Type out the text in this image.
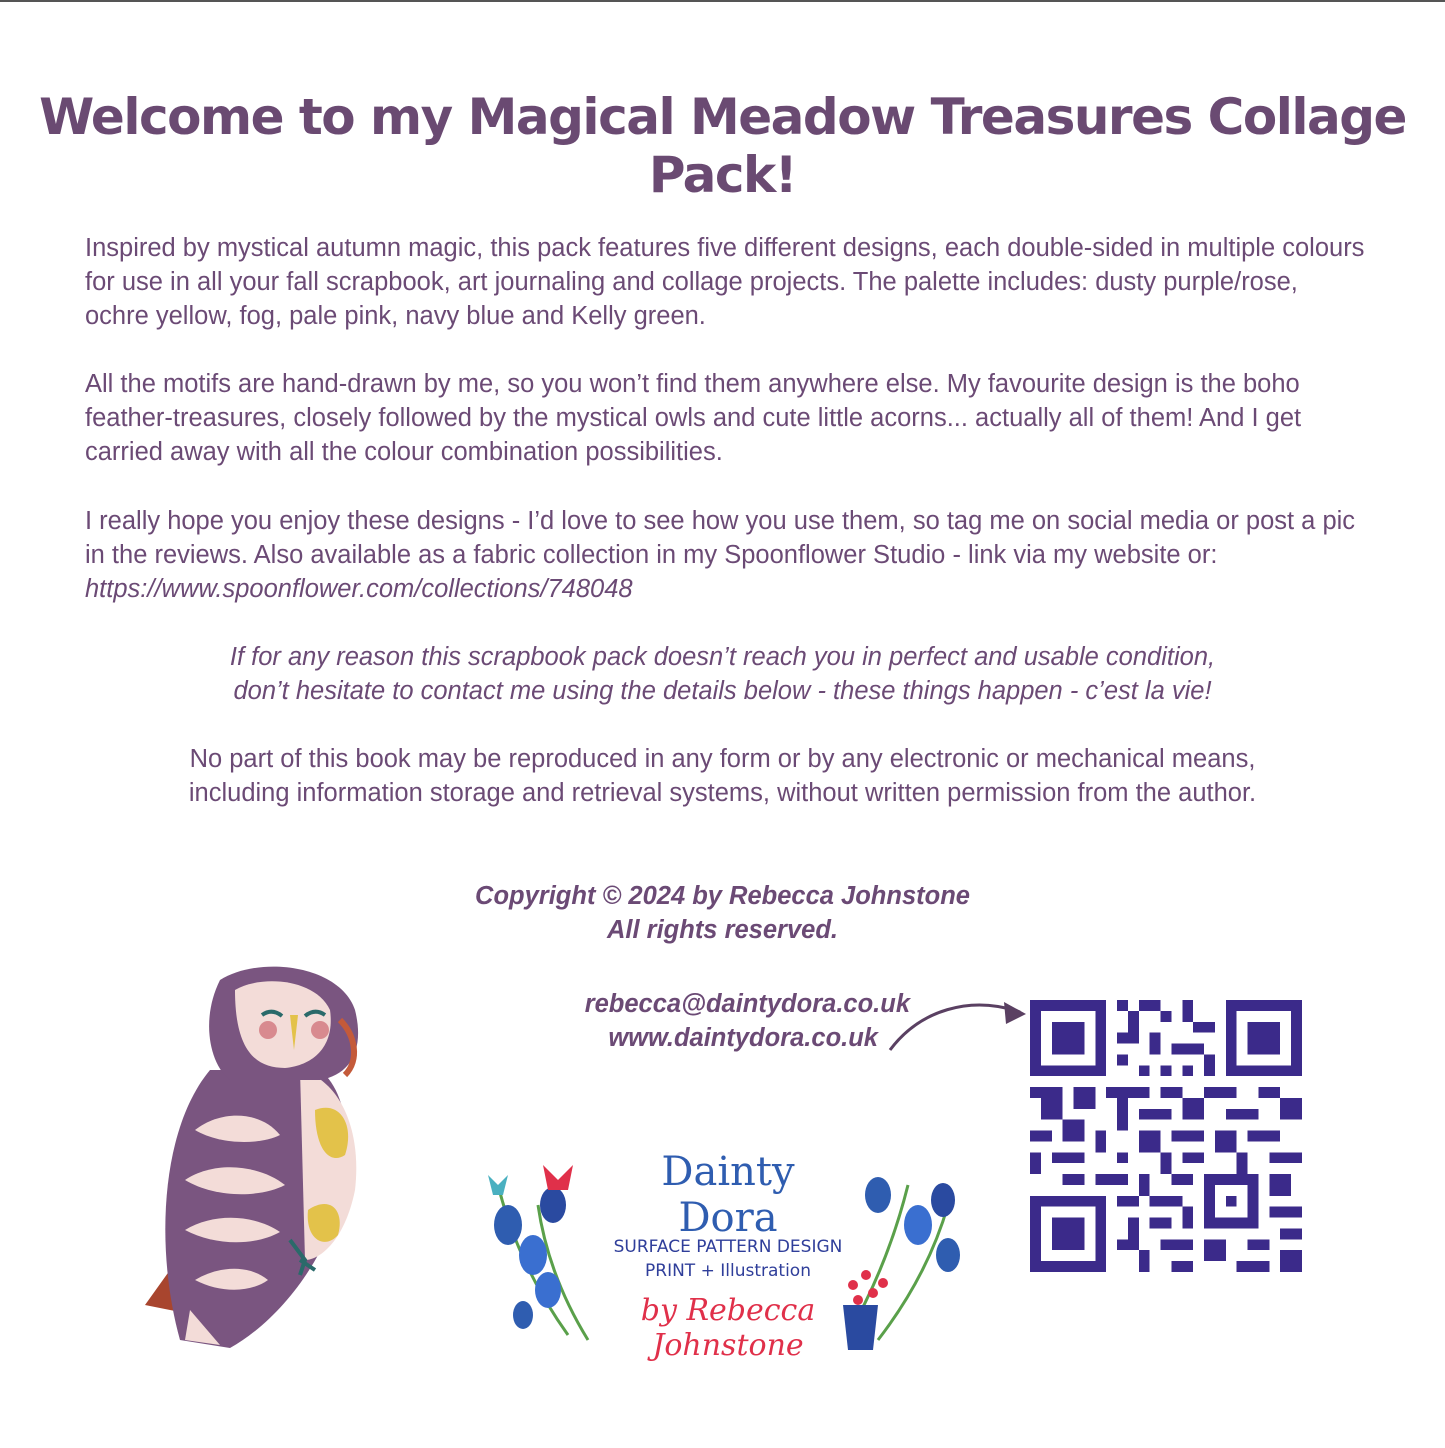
Welcome to my Magical Meadow Treasures Collage Pack!

Inspired by mystical autumn magic, this pack features five different designs, each double-sided in multiple colours for use in all your fall scrapbook, art journaling and collage projects. The palette includes: dusty purple/rose, ochre yellow, fog, pale pink, navy blue and Kelly green.

All the motifs are hand-drawn by me, so you won’t find them anywhere else. My favourite design is the boho feather-treasures, closely followed by the mystical owls and cute little acorns... actually all of them! And I get carried away with all the colour combination possibilities.

I really hope you enjoy these designs - I’d love to see how you use them, so tag me on social media or post a pic in the reviews. Also available as a fabric collection in my Spoonflower Studio - link via my website or: https://www.spoonflower.com/collections/748048

If for any reason this scrapbook pack doesn’t reach you in perfect and usable condition,
don’t hesitate to contact me using the details below - these things happen - c’est la vie!
No part of this book may be reproduced in any form or by any electronic or mechanical means,
including information storage and retrieval systems, without written permission from the author.
Copyright © 2024 by Rebecca Johnstone
All rights reserved.
rebecca@daintydora.co.uk
www.daintydora.co.uk
Dainty Dora
SURFACE PATTERN DESIGN
PRINT + Illustration
by Rebecca Johnstone
